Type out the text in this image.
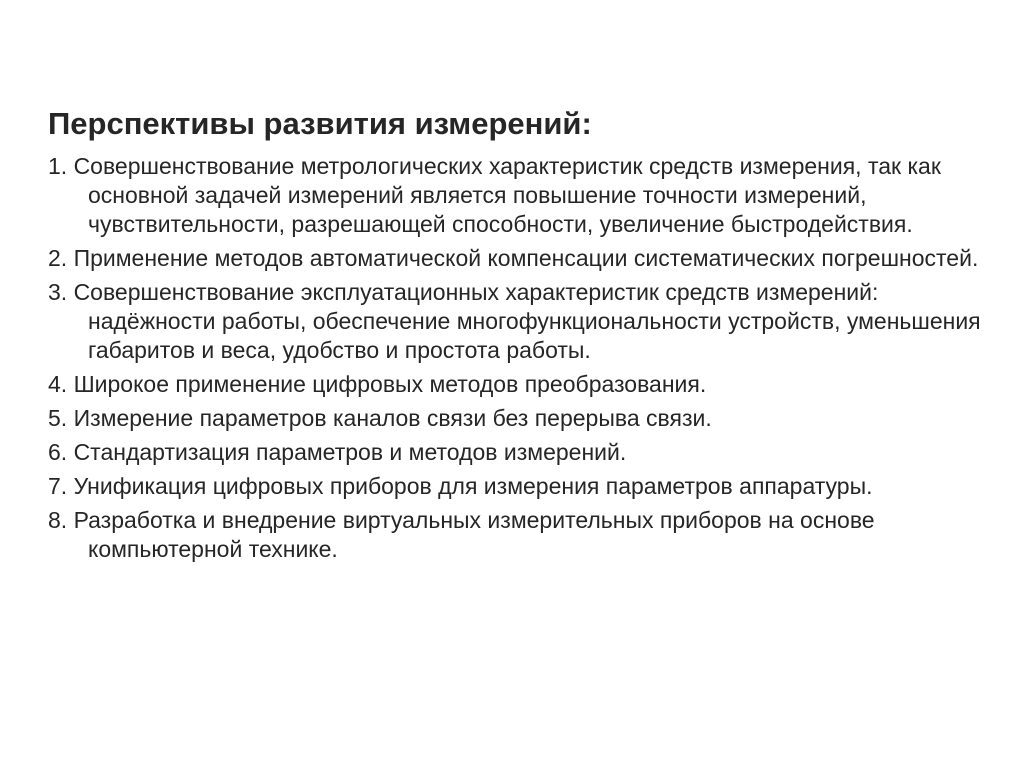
Перспективы развития измерений:
1. Совершенствование метрологических характеристик средств измерения, так как основной задачей измерений является повышение точности измерений, чувствительности, разрешающей способности, увеличение быстродействия.
2. Применение методов автоматической компенсации систематических погрешностей.
3. Совершенствование эксплуатационных характеристик средств измерений: надёжности работы, обеспечение многофункциональности устройств, уменьшения габаритов и веса, удобство и простота работы.
4. Широкое применение цифровых методов преобразования.
5. Измерение параметров каналов связи без перерыва связи.
6. Стандартизация параметров и методов измерений.
7. Унификация цифровых приборов для измерения параметров аппаратуры.
8. Разработка и внедрение виртуальных измерительных приборов на основе компьютерной технике.
